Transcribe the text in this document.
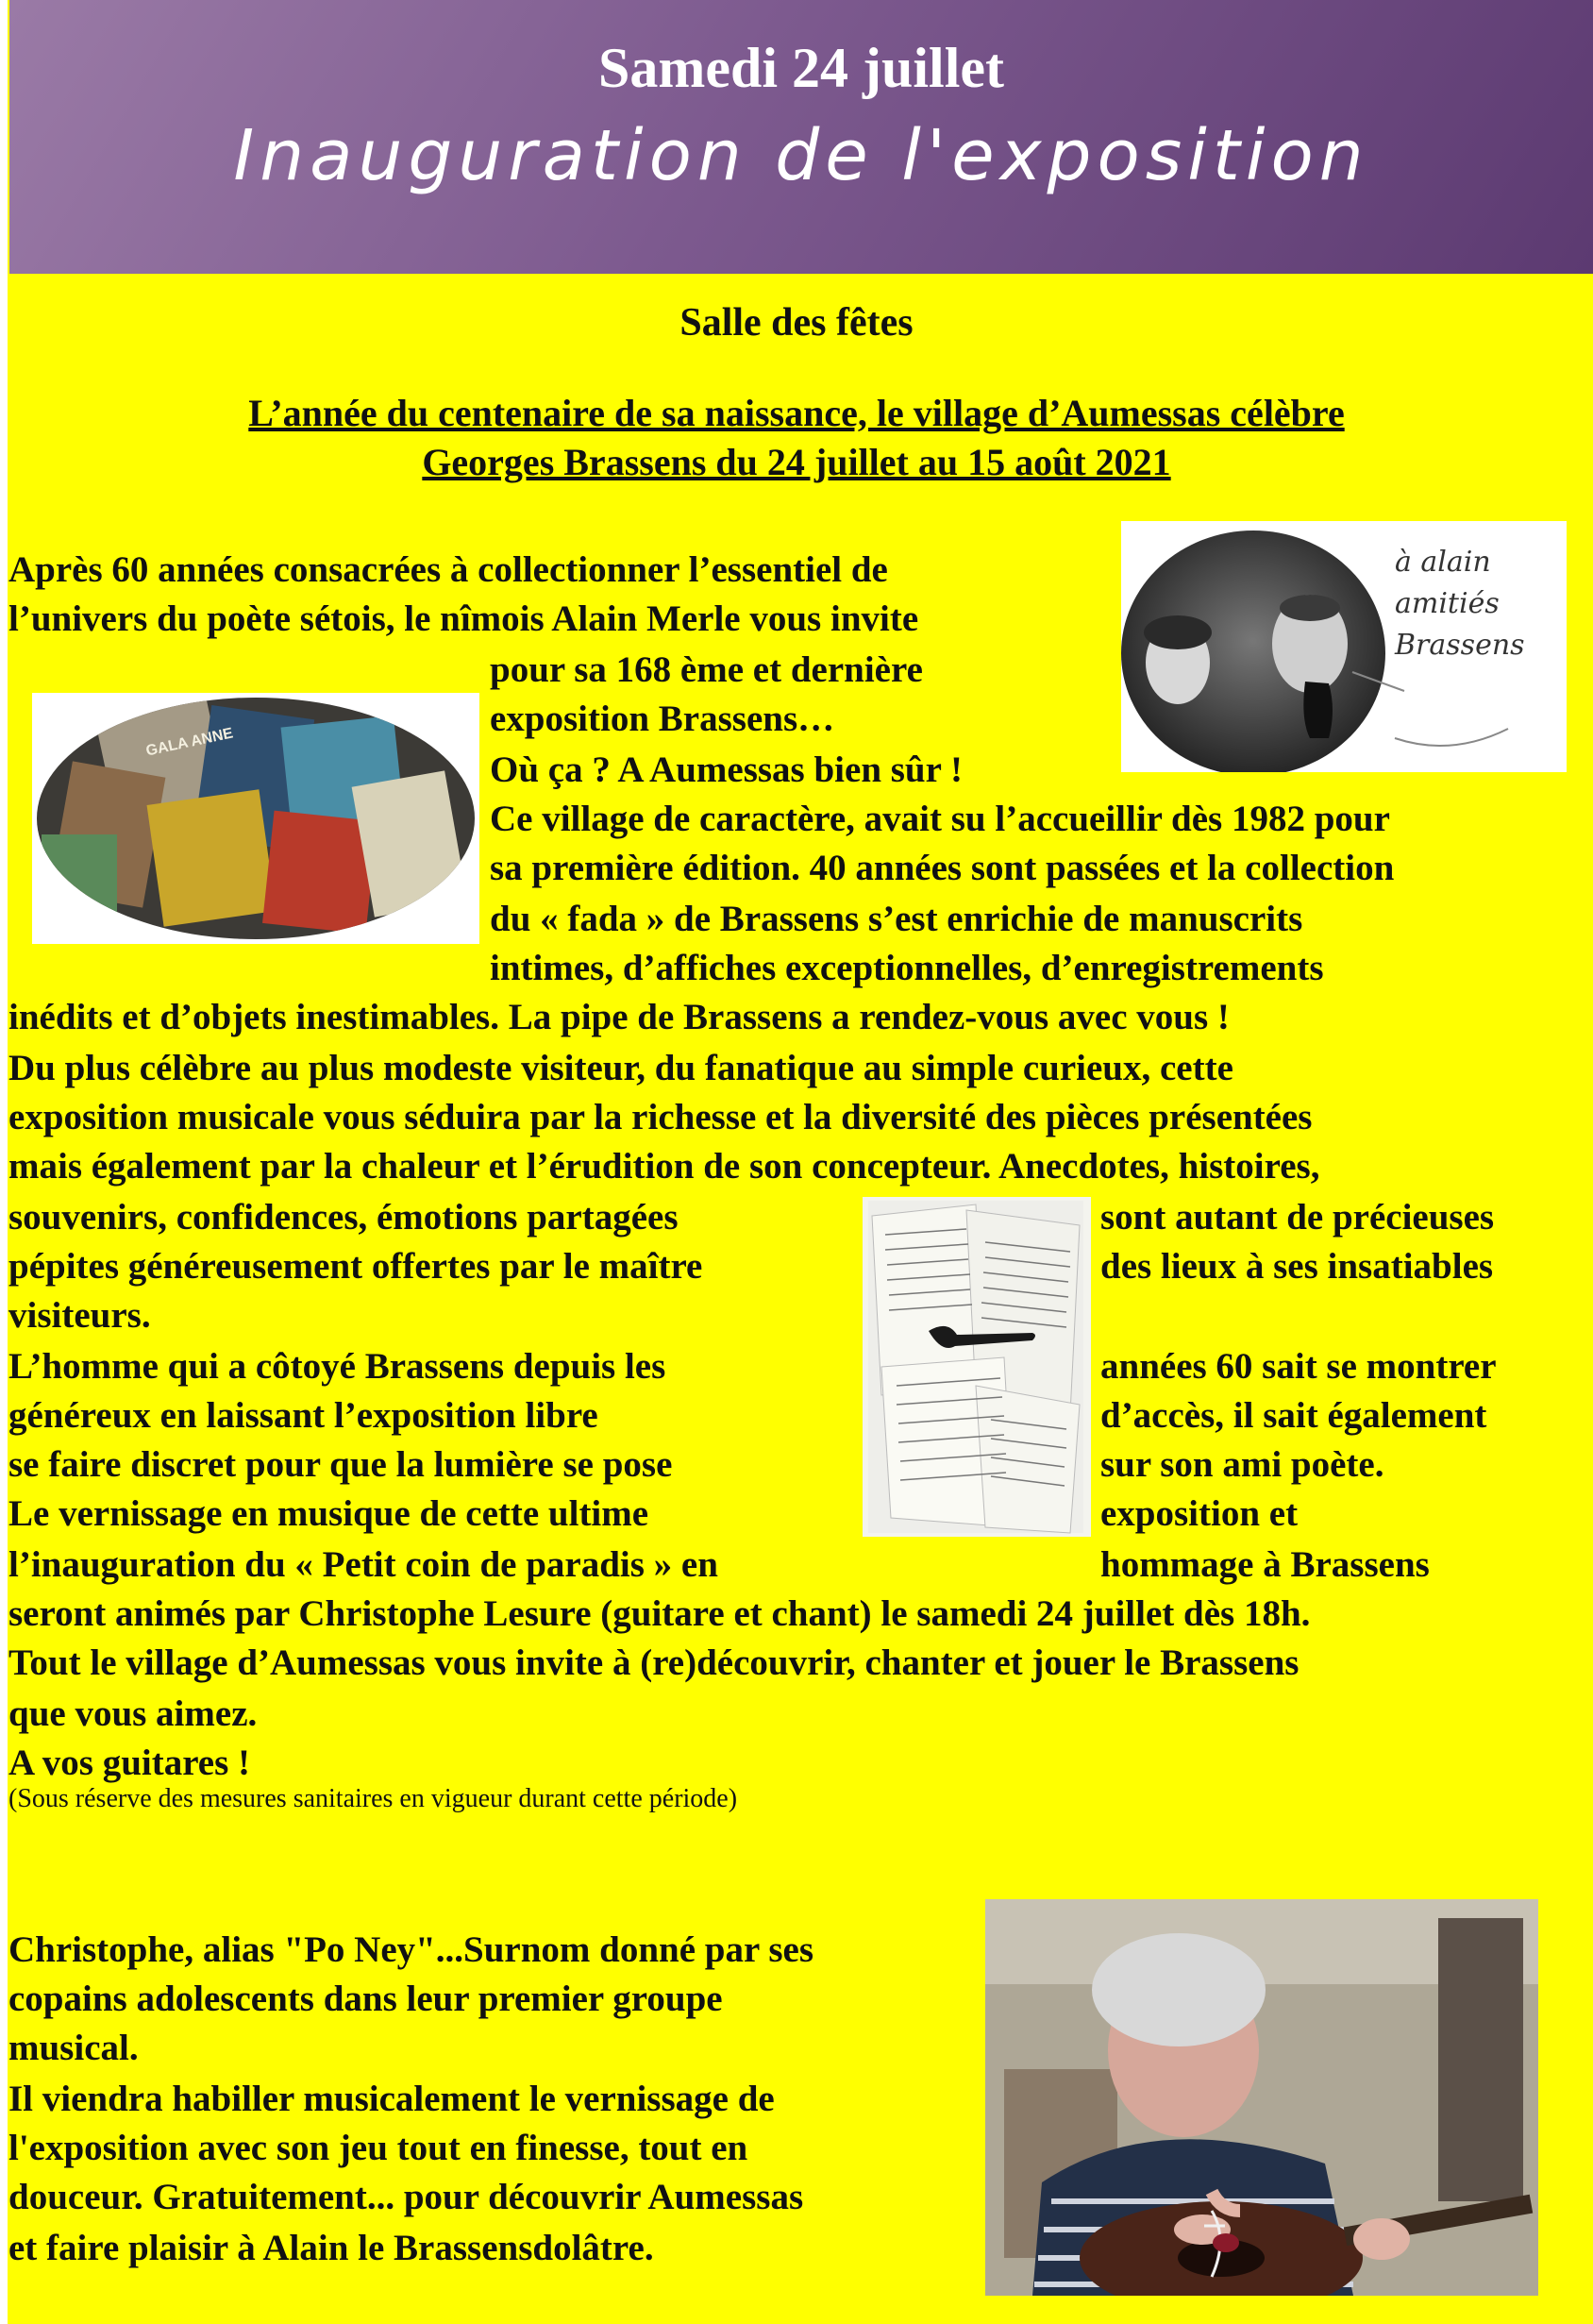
Samedi 24 juillet
Inauguration de l'exposition
Salle des fêtes
L’année du centenaire de sa naissance, le village d’Aumessas célèbre
Georges Brassens du 24 juillet au 15 août 2021
à alain amitiés Brassens
GALA ANNE
Après 60 années consacrées à collectionner l’essentiel de
l’univers du poète sétois, le nîmois Alain Merle vous invite
pour sa 168 ème et dernière
exposition Brassens…
Où ça ? A Aumessas bien sûr !
Ce village de caractère, avait su l’accueillir dès 1982 pour
sa première édition. 40 années sont passées et la collection
du « fada » de Brassens s’est enrichie de manuscrits
intimes, d’affiches exceptionnelles, d’enregistrements
inédits et d’objets inestimables. La pipe de Brassens a rendez-vous avec vous !
Du plus célèbre au plus modeste visiteur, du fanatique au simple curieux, cette
exposition musicale vous séduira par la richesse et la diversité des pièces présentées
mais également par la chaleur et l’érudition de son concepteur. Anecdotes, histoires,
souvenirs, confidences, émotions partagées	sont autant de précieuses
pépites généreusement offertes par le maître	des lieux à ses insatiables
visiteurs.
L’homme qui a côtoyé Brassens depuis les	années 60 sait se montrer
généreux en laissant l’exposition libre	d’accès, il sait également
se faire discret pour que la lumière se pose	sur son ami poète.
Le vernissage en musique de cette ultime	exposition et
l’inauguration du « Petit coin de paradis » en	hommage à Brassens
seront animés par Christophe Lesure (guitare et chant) le samedi 24 juillet dès 18h.
Tout le village d’Aumessas vous invite à (re)découvrir, chanter et jouer le Brassens
que vous aimez.
A vos guitares !
(Sous réserve des mesures sanitaires en vigueur durant cette période)
Christophe, alias "Po Ney"...Surnom donné par ses
copains adolescents dans leur premier groupe
musical.
Il viendra habiller musicalement le vernissage de
l'exposition avec son jeu tout en finesse, tout en
douceur. Gratuitement... pour découvrir Aumessas
et faire plaisir à Alain le Brassensdolâtre.
